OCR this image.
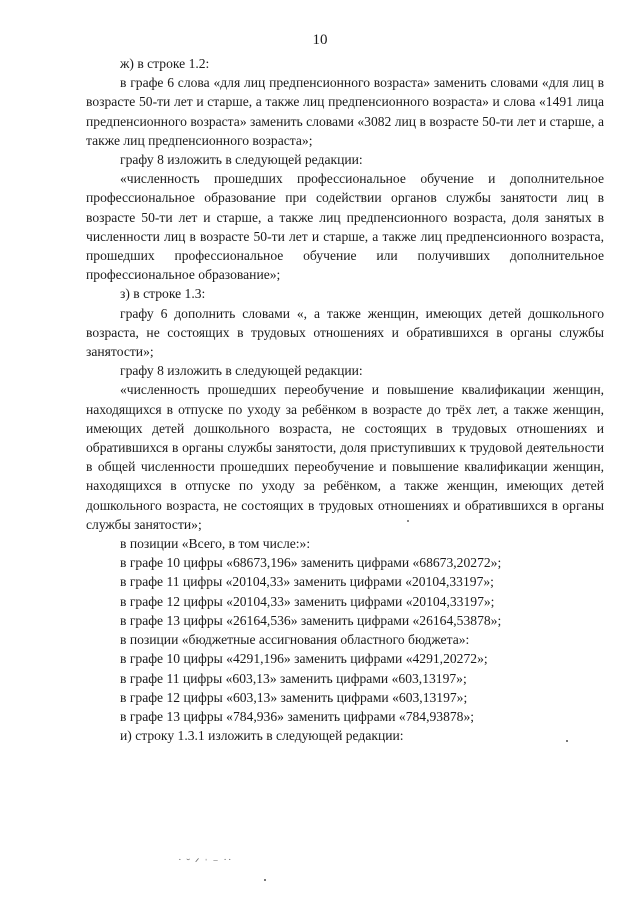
10

ж) в строке 1.2:

в графе 6 слова «для лиц предпенсионного возраста» заменить словами «для лиц в возрасте 50-ти лет и старше, а также лиц предпенсионного возраста» и слова «1491 лица предпенсионного возраста» заменить словами «3082 лиц в возрасте 50-ти лет и старше, а также лиц предпенсионного возраста»;

графу 8 изложить в следующей редакции:

«численность прошедших профессиональное обучение и дополнительное профессиональное образование при содействии органов службы занятости лиц в возрасте 50-ти лет и старше, а также лиц предпенсионного возраста, доля занятых в численности лиц в возрасте 50-ти лет и старше, а также лиц предпенсионного возраста, прошедших профессиональное обучение или получивших дополнительное профессиональное образование»;

з) в строке 1.3:

графу 6 дополнить словами «, а также женщин, имеющих детей дошкольного возраста, не состоящих в трудовых отношениях и обратившихся в органы службы занятости»;

графу 8 изложить в следующей редакции:

«численность прошедших переобучение и повышение квалификации женщин, находящихся в отпуске по уходу за ребёнком в возрасте до трёх лет, а также женщин, имеющих детей дошкольного возраста, не состоящих в трудовых отношениях и обратившихся в органы службы занятости, доля приступивших к трудовой деятельности в общей численности прошедших переобучение и повышение квалификации женщин, находящихся в отпуске по уходу за ребёнком, а также женщин, имеющих детей дошкольного возраста, не состоящих в трудовых отношениях и обратившихся в органы службы занятости»;

в позиции «Всего, в том числе:»:

в графе 10 цифры «68673,196» заменить цифрами «68673,20272»;

в графе 11 цифры «20104,33» заменить цифрами «20104,33197»;

в графе 12 цифры «20104,33» заменить цифрами «20104,33197»;

в графе 13 цифры «26164,536» заменить цифрами «26164,53878»;

в позиции «бюджетные ассигнования областного бюджета»:

в графе 10 цифры «4291,196» заменить цифрами «4291,20272»;

в графе 11 цифры «603,13» заменить цифрами «603,13197»;

в графе 12 цифры «603,13» заменить цифрами «603,13197»;

в графе 13 цифры «784,936» заменить цифрами «784,93878»;

и) строку 1.3.1 изложить в следующей редакции:

˙ ˘ ᐟ ˈ ⁻ ˙˙
